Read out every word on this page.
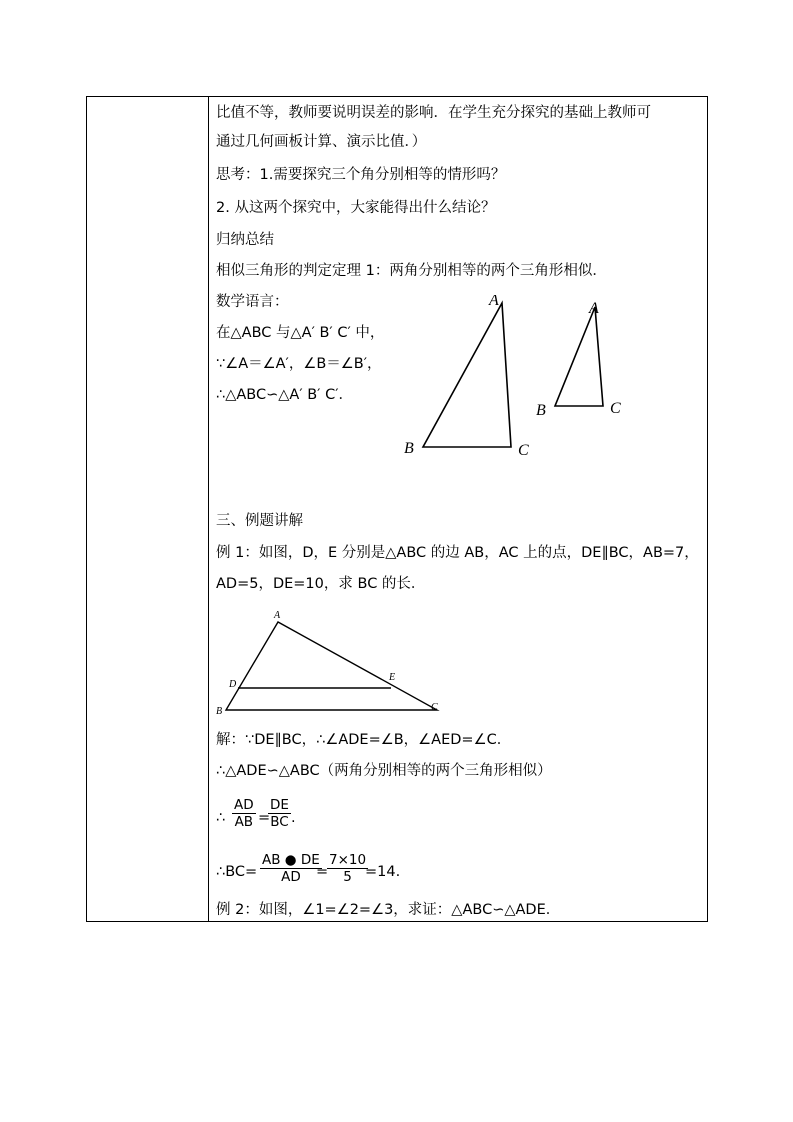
比值不等，教师要说明误差的影响．在学生充分探究的基础上教师可
通过几何画板计算、演示比值．）
思考：1.需要探究三个角分别相等的情形吗？
2. 从这两个探究中，大家能得出什么结论？
归纳总结
相似三角形的判定定理 1：两角分别相等的两个三角形相似．
数学语言：
在△ABC 与△A′ B′ C′ 中，
∵∠A＝∠A′，∠B＝∠B′，
∴△ABC∽△A′ B′ C′．
A
B	C
A
B	C
三、例题讲解
例 1：如图，D，E 分别是△ABC 的边 AB，AC 上的点，DE∥BC，AB=7，
AD=5，DE=10，求 BC 的长．
A
D
E
B	C
解：∵DE∥BC，∴∠ADE=∠B，∠AED=∠C．
∴△ADE∽△ABC（两角分别相等的两个三角形相似）
∴
AD
AB =
DE
BC .
∴BC=
AB ● DE
AD	=
7×10
5 =14.
例 2：如图，∠1=∠2=∠3，求证：△ABC∽△ADE．
